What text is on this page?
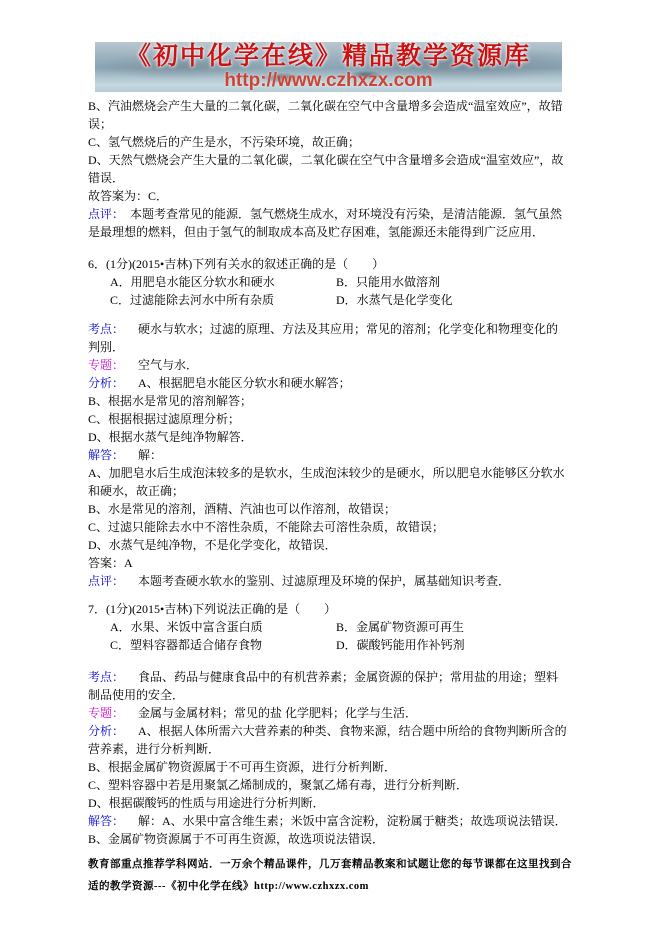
《初中化学在线》精品教学资源库
http://www.czhxzx.com
B、汽油燃烧会产生大量的二氧化碳，二氧化碳在空气中含量增多会造成“温室效应”，故错误；
C、氢气燃烧后的产生是水，不污染环境，故正确；
D、天然气燃烧会产生大量的二氧化碳，二氧化碳在空气中含量增多会造成“温室效应”，故错误．
故答案为：C．
点评： 本题考查常见的能源．氢气燃烧生成水，对环境没有污染，是清洁能源．氢气虽然是最理想的燃料，但由于氢气的制取成本高及贮存困难，氢能源还未能得到广泛应用．
6．(1分)(2015•吉林)下列有关水的叙述正确的是（　　）
A．用肥皂水能区分软水和硬水	B．只能用水做溶剂
C．过滤能除去河水中所有杂质	D．水蒸气是化学变化
考点： 硬水与软水；过滤的原理、方法及其应用；常见的溶剂；化学变化和物理变化的判别．
专题： 空气与水．
分析： A、根据肥皂水能区分软水和硬水解答；
B、根据水是常见的溶剂解答；
C、根据根据过滤原理分析；
D、根据水蒸气是纯净物解答．
解答： 解：
A、加肥皂水后生成泡沫较多的是软水，生成泡沫较少的是硬水，所以肥皂水能够区分软水和硬水，故正确；
B、水是常见的溶剂，酒精、汽油也可以作溶剂，故错误；
C、过滤只能除去水中不溶性杂质，不能除去可溶性杂质，故错误；
D、水蒸气是纯净物，不是化学变化，故错误．
答案：A
点评： 本题考查硬水软水的鉴别、过滤原理及环境的保护，属基础知识考查．
7．(1分)(2015•吉林)下列说法正确的是（　　）
A．水果、米饭中富含蛋白质	B．金属矿物资源可再生
C．塑料容器都适合储存食物	D．碳酸钙能用作补钙剂
考点： 食品、药品与健康食品中的有机营养素；金属资源的保护；常用盐的用途；塑料制品使用的安全．
专题： 金属与金属材料；常见的盐 化学肥料；化学与生活．
分析： A、根据人体所需六大营养素的种类、食物来源，结合题中所给的食物判断所含的营养素，进行分析判断．
B、根据金属矿物资源属于不可再生资源，进行分析判断．
C、塑料容器中若是用聚氯乙烯制成的，聚氯乙烯有毒，进行分析判断．
D、根据碳酸钙的性质与用途进行分析判断．
解答： 解：A、水果中富含维生素；米饭中富含淀粉，淀粉属于糖类；故选项说法错误．
B、金属矿物资源属于不可再生资源，故选项说法错误．
教育部重点推荐学科网站．一万余个精品课件，几万套精品教案和试题让您的每节课都在这里找到合适的教学资源---《初中化学在线》http://www.czhxzx.com
